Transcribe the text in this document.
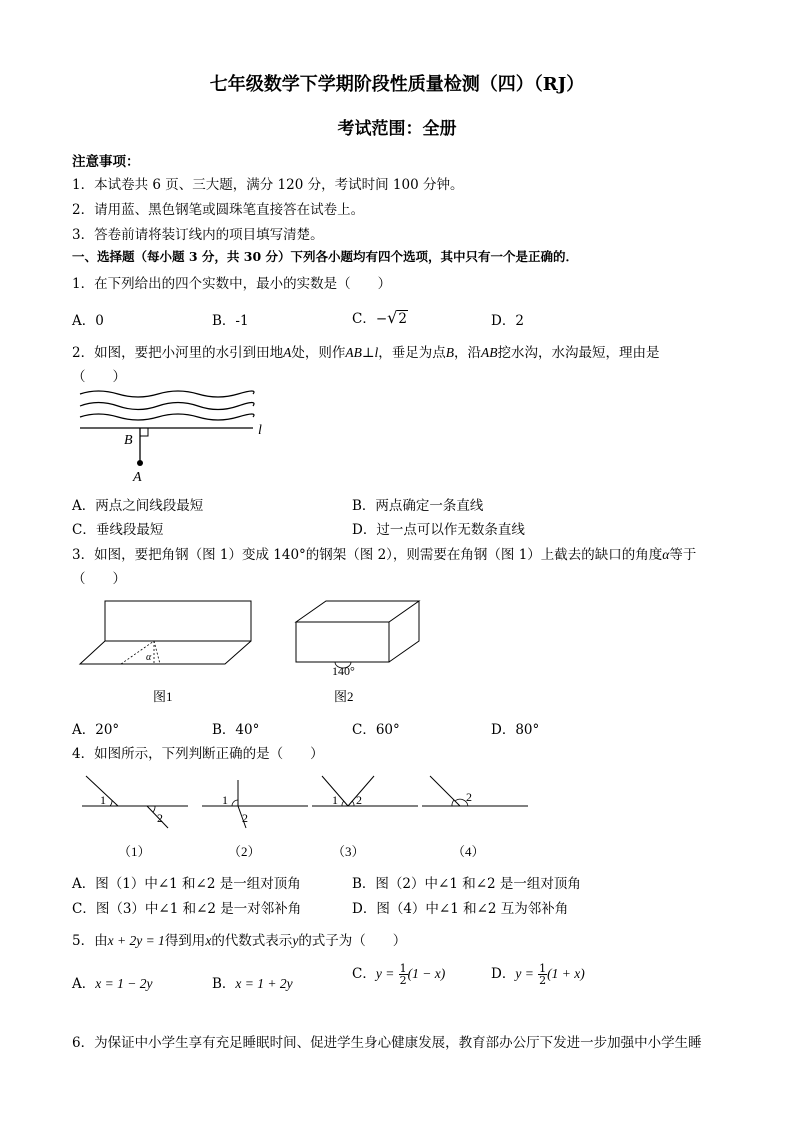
七年级数学下学期阶段性质量检测（四）（RJ）
考试范围：全册
注意事项：
1．本试卷共 6 页、三大题，满分 120 分，考试时间 100 分钟。
2．请用蓝、黑色钢笔或圆珠笔直接答在试卷上。
3．答卷前请将装订线内的项目填写清楚。
一、选择题（每小题 3 分，共 30 分）下列各小题均有四个选项，其中只有一个是正确的．
1．在下列给出的四个实数中，最小的实数是（　　）
A．0	B．-1	C．−√2	D．2
2．如图，要把小河里的水引到田地A处，则作AB⊥l，垂足为点B，沿AB挖水沟，水沟最短，理由是
（　　）
l
B
A
A．两点之间线段最短	B．两点确定一条直线
C．垂线段最短	D．过一点可以作无数条直线
3．如图，要把角钢（图 1）变成 140°的钢架（图 2），则需要在角钢（图 1）上截去的缺口的角度α等于
（　　）
α
图1
140°
图2
A．20°	B．40°	C．60°	D．80°
4．如图所示，下列判断正确的是（　　）
1
2
（1）
1
2
（2）
1 2
（3）
2
1
（4）
A．图（1）中∠1 和∠2 是一组对顶角	B．图（2）中∠1 和∠2 是一组对顶角
C．图（3）中∠1 和∠2 是一对邻补角	D．图（4）中∠1 和∠2 互为邻补角
5．由x + 2y = 1得到用x的代数式表示y的式子为（　　）
A．x = 1 − 2y	B．x = 1 + 2y
C．$y = \frac{1}{2} (1 - x)$	D．$y = \frac{1}{2} (1 + x)$
6．为保证中小学生享有充足睡眠时间、促进学生身心健康发展，教育部办公厅下发进一步加强中小学生睡
